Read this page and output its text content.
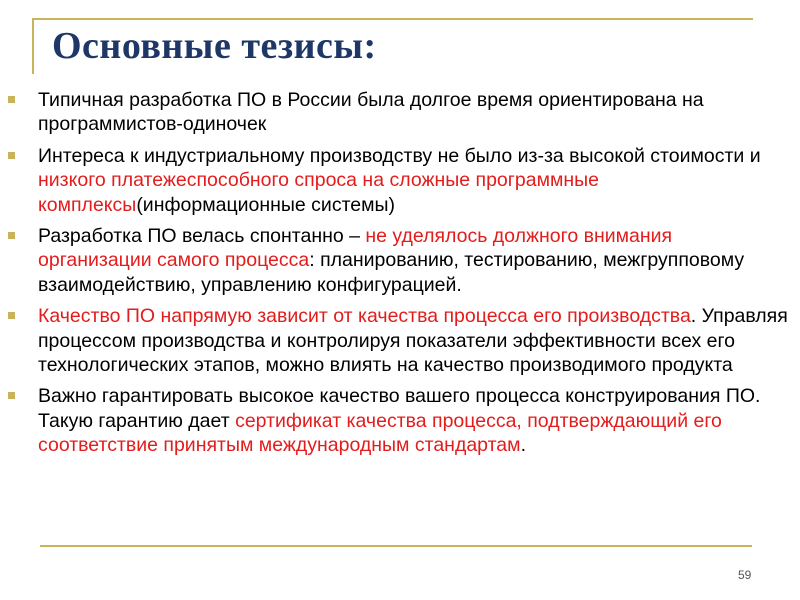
Основные тезисы:
Типичная разработка ПО в России была долгое время ориентирована на программистов-одиночек
Интереса к индустриальному производству не было из-за высокой стоимости и низкого платежеспособного спроса на сложные программные комплексы(информационные системы)
Разработка ПО велась спонтанно – не уделялось должного внимания организации самого процесса: планированию, тестированию, межгрупповому взаимодействию, управлению конфигурацией.
Качество ПО напрямую зависит от качества процесса его производства. Управляя процессом производства и контролируя показатели эффективности всех его технологических этапов, можно влиять на качество производимого продукта
Важно гарантировать высокое качество вашего процесса конструирования ПО. Такую гарантию дает сертификат качества процесса, подтверждающий его соответствие принятым международным стандартам.
59
